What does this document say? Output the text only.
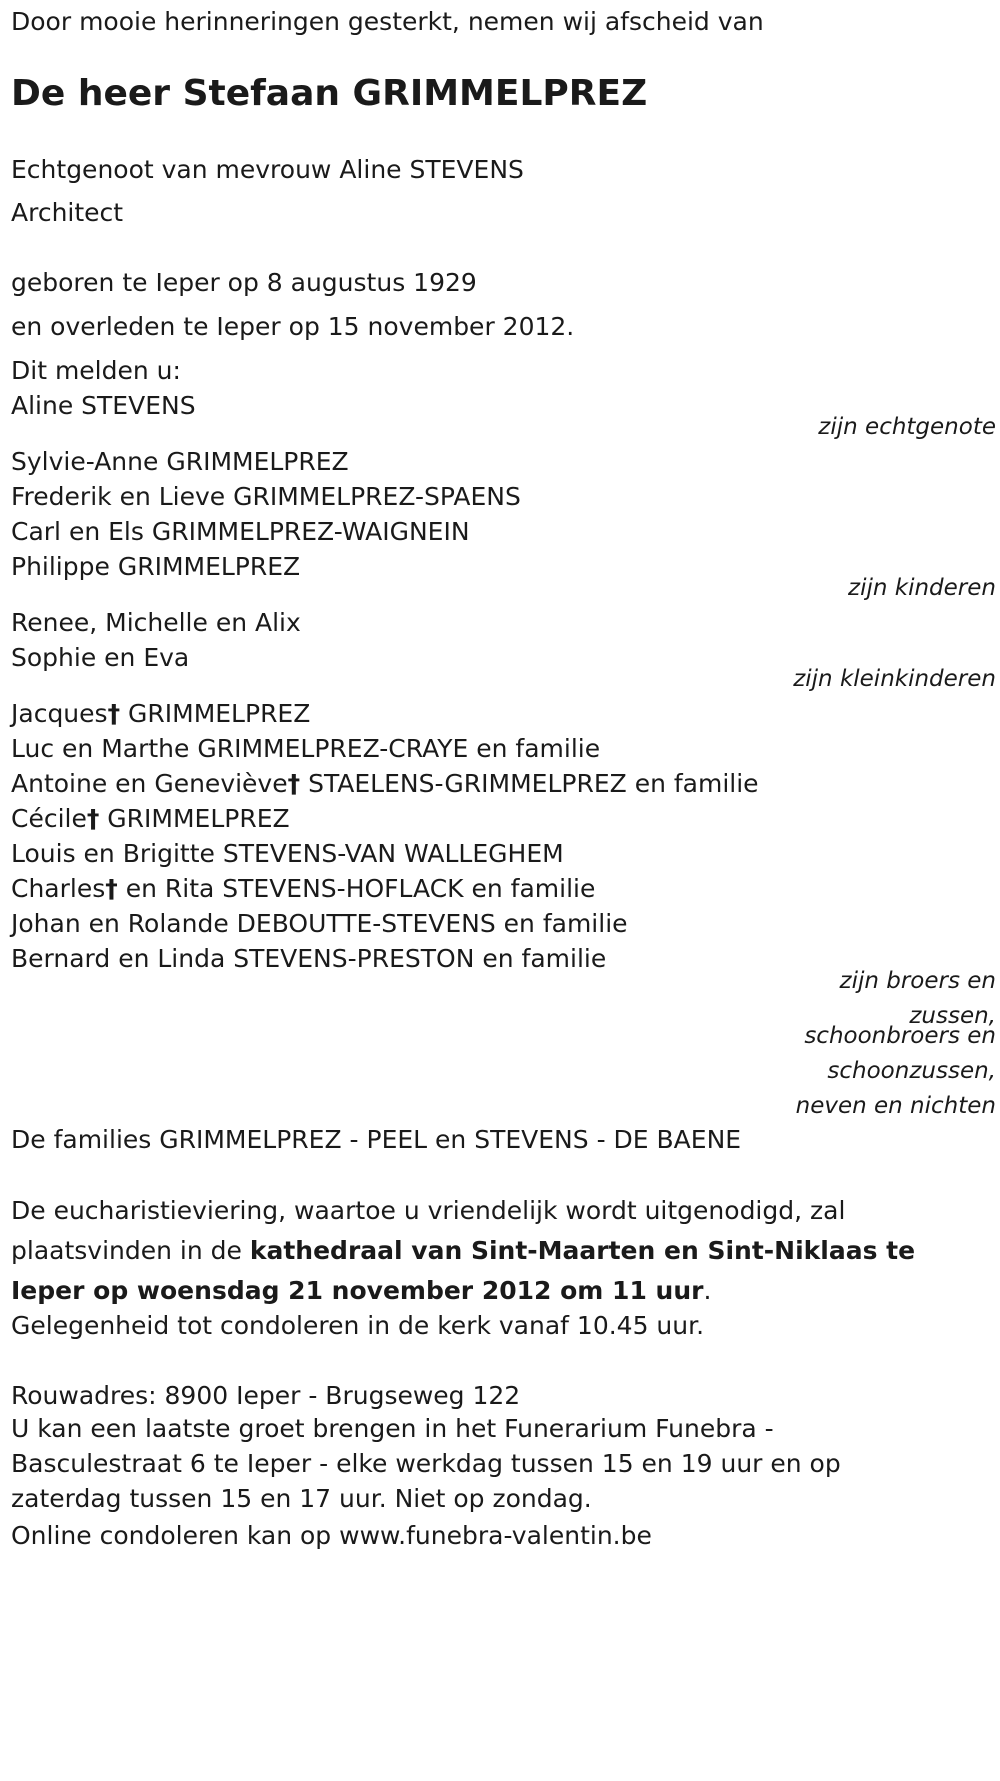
Door mooie herinneringen gesterkt, nemen wij afscheid van
De heer Stefaan GRIMMELPREZ
Echtgenoot van mevrouw Aline STEVENS
Architect
geboren te Ieper op 8 augustus 1929
en overleden te Ieper op 15 november 2012.
Dit melden u:
Aline STEVENS
zijn echtgenote
Sylvie-Anne GRIMMELPREZ
Frederik en Lieve GRIMMELPREZ-SPAENS
Carl en Els GRIMMELPREZ-WAIGNEIN
Philippe GRIMMELPREZ
zijn kinderen
Renee, Michelle en Alix
Sophie en Eva
zijn kleinkinderen
Jacques† GRIMMELPREZ
Luc en Marthe GRIMMELPREZ-CRAYE en familie
Antoine en Geneviève† STAELENS-GRIMMELPREZ en familie
Cécile† GRIMMELPREZ
Louis en Brigitte STEVENS-VAN WALLEGHEM
Charles† en Rita STEVENS-HOFLACK en familie
Johan en Rolande DEBOUTTE-STEVENS en familie
Bernard en Linda STEVENS-PRESTON en familie
zijn broers en
zussen,
schoonbroers en
schoonzussen,
neven en nichten
De families GRIMMELPREZ - PEEL en STEVENS - DE BAENE
De eucharistieviering, waartoe u vriendelijk wordt uitgenodigd, zal plaatsvinden in de kathedraal van Sint-Maarten en Sint-Niklaas te Ieper op woensdag 21 november 2012 om 11 uur.
Gelegenheid tot condoleren in de kerk vanaf 10.45 uur.
Rouwadres: 8900 Ieper - Brugseweg 122
U kan een laatste groet brengen in het Funerarium Funebra - Basculestraat 6 te Ieper - elke werkdag tussen 15 en 19 uur en op zaterdag tussen 15 en 17 uur. Niet op zondag.
Online condoleren kan op www.funebra-valentin.be
